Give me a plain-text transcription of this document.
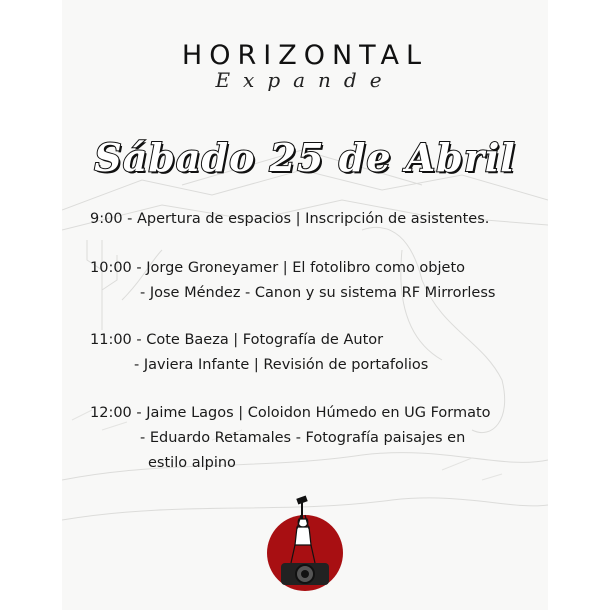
HORIZONTAL
Expande
Sábado 25 de Abril
9:00 - Apertura de espacios | Inscripción de asistentes.
10:00 - Jorge Groneyamer | El fotolibro como objeto
- Jose Méndez - Canon y su sistema RF Mirrorless
11:00 - Cote Baeza | Fotografía de Autor
- Javiera Infante | Revisión de portafolios
12:00 - Jaime Lagos | Coloidon Húmedo en UG Formato
- Eduardo Retamales - Fotografía paisajes en
estilo alpino
